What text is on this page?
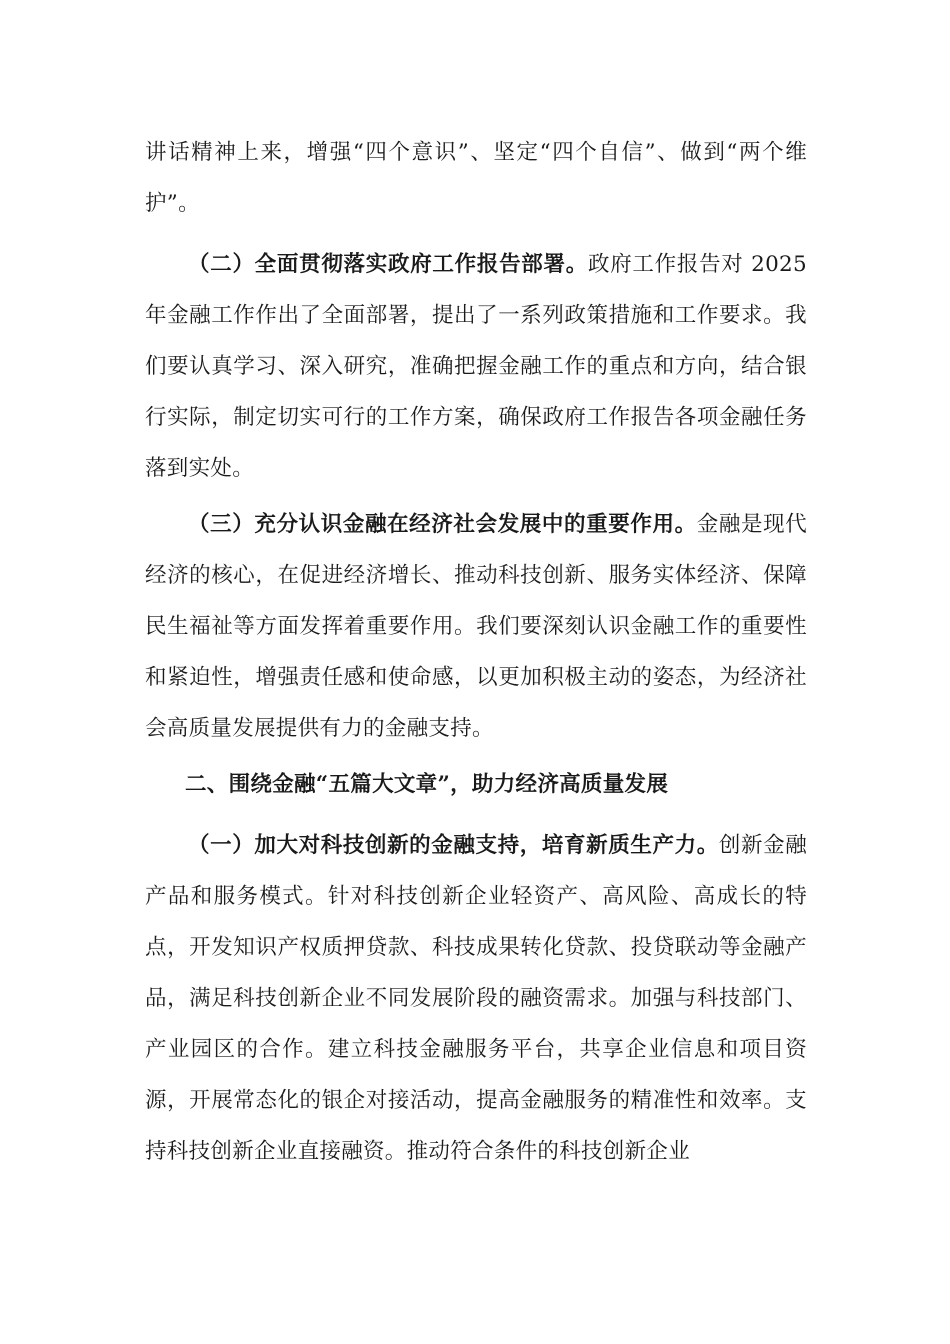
讲话精神上来，增强“四个意识”、坚定“四个自信”、做到“两个维护”。
（二）全面贯彻落实政府工作报告部署。政府工作报告对 2025 年金融工作作出了全面部署，提出了一系列政策措施和工作要求。我们要认真学习、深入研究，准确把握金融工作的重点和方向，结合银行实际，制定切实可行的工作方案，确保政府工作报告各项金融任务落到实处。
（三）充分认识金融在经济社会发展中的重要作用。金融是现代经济的核心，在促进经济增长、推动科技创新、服务实体经济、保障民生福祉等方面发挥着重要作用。我们要深刻认识金融工作的重要性和紧迫性，增强责任感和使命感，以更加积极主动的姿态，为经济社会高质量发展提供有力的金融支持。
二、围绕金融“五篇大文章”，助力经济高质量发展
（一）加大对科技创新的金融支持，培育新质生产力。创新金融产品和服务模式。针对科技创新企业轻资产、高风险、高成长的特点，开发知识产权质押贷款、科技成果转化贷款、投贷联动等金融产品，满足科技创新企业不同发展阶段的融资需求。加强与科技部门、产业园区的合作。建立科技金融服务平台，共享企业信息和项目资源，开展常态化的银企对接活动，提高金融服务的精准性和效率。支持科技创新企业直接融资。推动符合条件的科技创新企业
